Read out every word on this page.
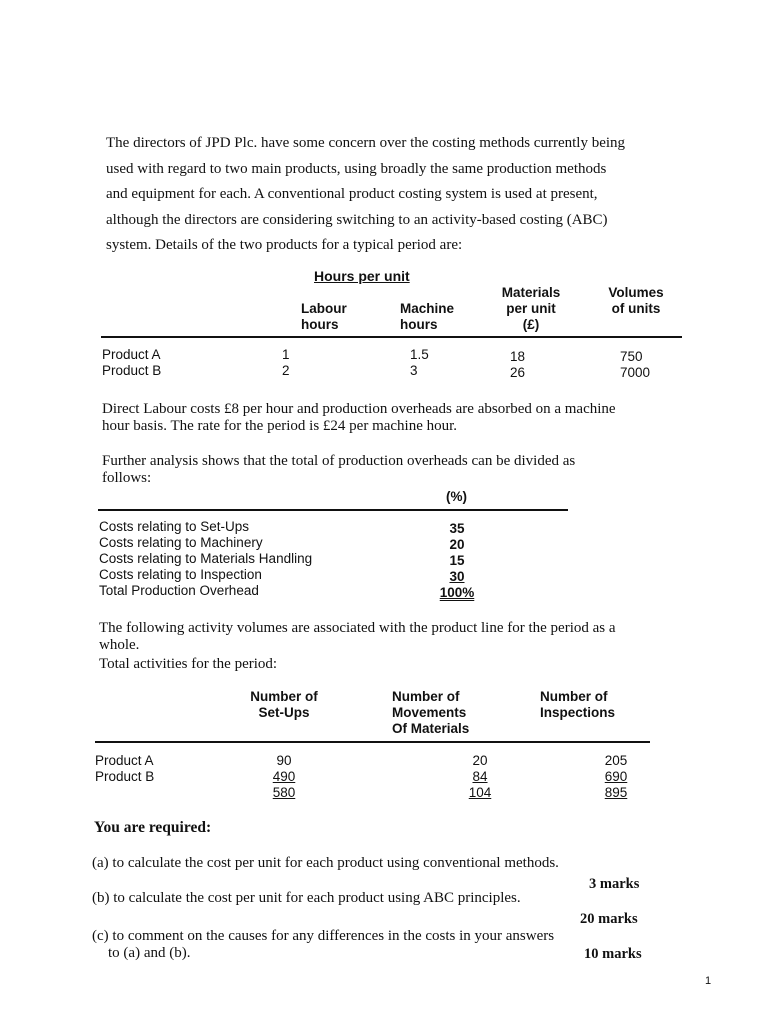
The directors of JPD Plc. have some concern over the costing methods currently being
used with regard to two main products, using broadly the same production methods
and equipment for each. A conventional product costing system is used at present,
although the directors are considering switching to an activity-based costing (ABC)
system. Details of the two products for a typical period are:
Hours per unit
Labour
hours
Machine
hours
Materials
per unit
(£)
Volumes
of units
Product A
Product B
1
2
1.5
3
18
26
750
7000
Direct Labour costs £8 per hour and production overheads are absorbed on a machine
hour basis. The rate for the period is £24 per machine hour.
Further analysis shows that the total of production overheads can be divided as
follows:
(%)
Costs relating to Set-Ups
Costs relating to Machinery
Costs relating to Materials Handling
Costs relating to Inspection
Total Production Overhead
35
20
15
30
100%
The following activity volumes are associated with the product line for the period as a
whole.
Total activities for the period:
Number of
Set-Ups
Number of
Movements
Of Materials
Number of
Inspections
Product A
Product B
90
490
580
20
84
104
205
690
895
You are required:
(a) to calculate the cost per unit for each product using conventional methods.
3 marks
(b) to calculate the cost per unit for each product using ABC principles.
20 marks
(c) to comment on the causes for any differences in the costs in your answers
to (a) and (b).	10 marks
1
